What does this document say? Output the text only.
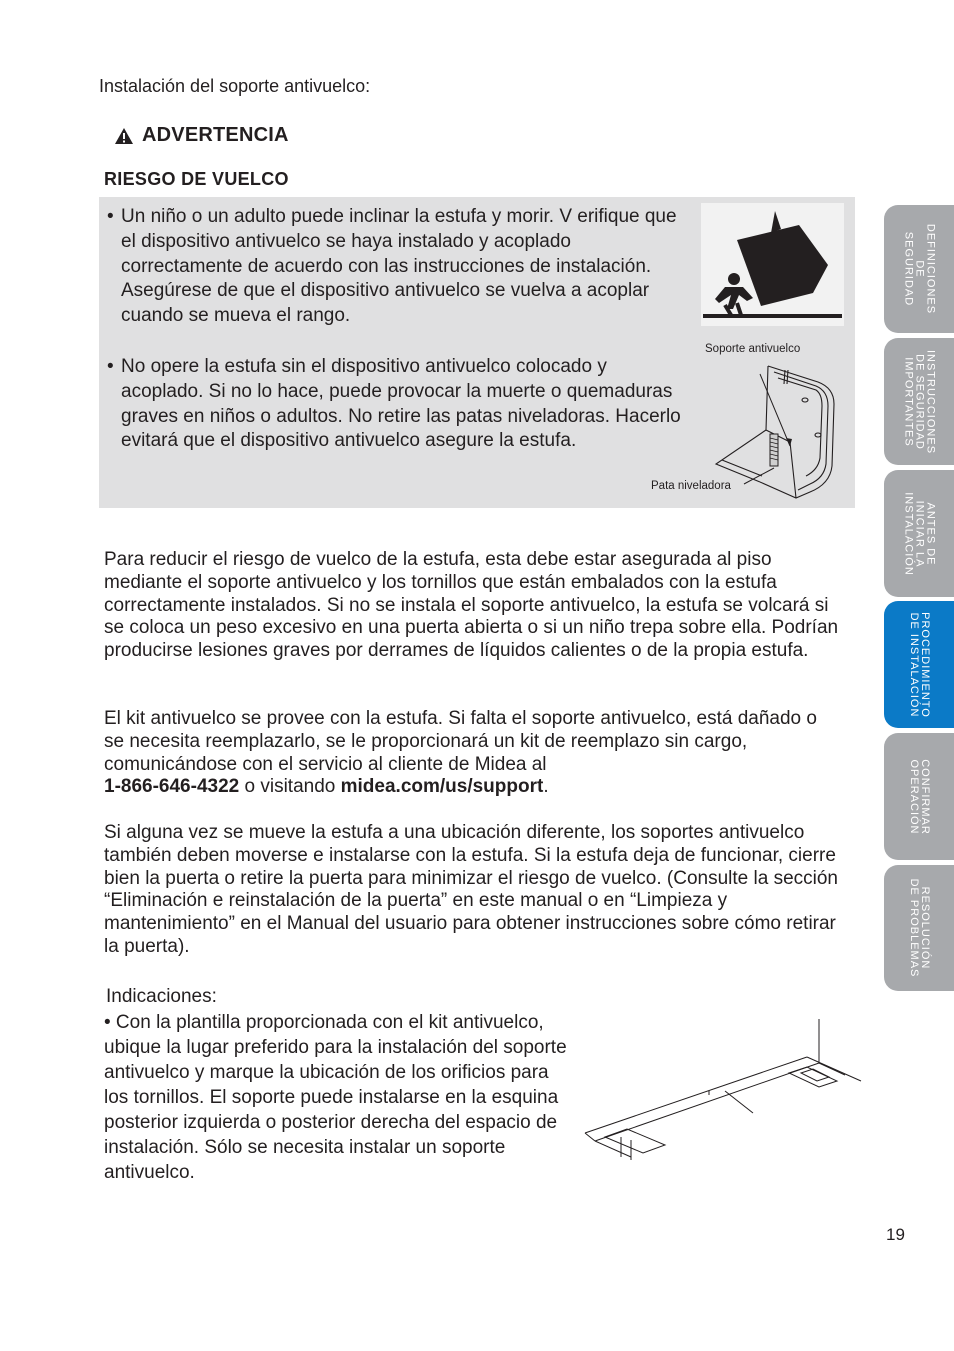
Instalación del soporte antivuelco:
ADVERTENCIA
RIESGO DE VUELCO
• Un niño o un adulto puede inclinar la estufa y morir. V erifique que el dispositivo antivuelco se haya instalado y acoplado correctamente de acuerdo con las instrucciones de instalación. Asegúrese de que el dispositivo antivuelco se vuelva a acoplar cuando se mueva el rango.
• No opere la estufa sin el dispositivo antivuelco colocado y acoplado. Si no lo hace, puede provocar la muerte o quemaduras graves en niños o adultos. No retire las patas niveladoras. Hacerlo evitará que el dispositivo antivuelco asegure la estufa.
Soporte antivuelco
Pata niveladora
Para reducir el riesgo de vuelco de la estufa, esta debe estar asegurada al piso mediante el soporte antivuelco y los tornillos que están embalados con la estufa correctamente instalados. Si no se instala el soporte antivuelco, la estufa se volcará si se coloca un peso excesivo en una puerta abierta o si un niño trepa sobre ella. Podrían producirse lesiones graves por derrames de líquidos calientes o de la propia estufa.
El kit antivuelco se provee con la estufa. Si falta el soporte antivuelco, está dañado o se necesita reemplazarlo, se le proporcionará un kit de reemplazo sin cargo, comunicándose con el servicio al cliente de Midea al
1-866-646-4322 o visitando midea.com/us/support.
Si alguna vez se mueve la estufa a una ubicación diferente, los soportes antivuelco también deben moverse e instalarse con la estufa. Si la estufa deja de funcionar, cierre bien la puerta o retire la puerta para minimizar el riesgo de vuelco. (Consulte la sección “Eliminación e reinstalación de la puerta” en este manual o en “Limpieza y mantenimiento” en el Manual del usuario para obtener instrucciones sobre cómo retirar la puerta).
Indicaciones:
• Con la plantilla proporcionada con el kit antivuelco, ubique la lugar preferido para la instalación del soporte antivuelco y marque la ubicación de los orificios para los tornillos. El soporte puede instalarse en la esquina posterior izquierda o posterior derecha del espacio de instalación. Sólo se necesita instalar un soporte antivuelco.
19
DEFINICIONES
DE
SEGURIDAD
INSTRUCCIONES
DE SEGURIDAD
IMPORTANTES
ANTES DE
INICIAR LA
INSTALACIÓN
PROCEDIMIENTO
DE INSTALACIÓN
CONFIRMAR
OPERACIÓN
RESOLUCIÓN
DE PROBLEMAS
